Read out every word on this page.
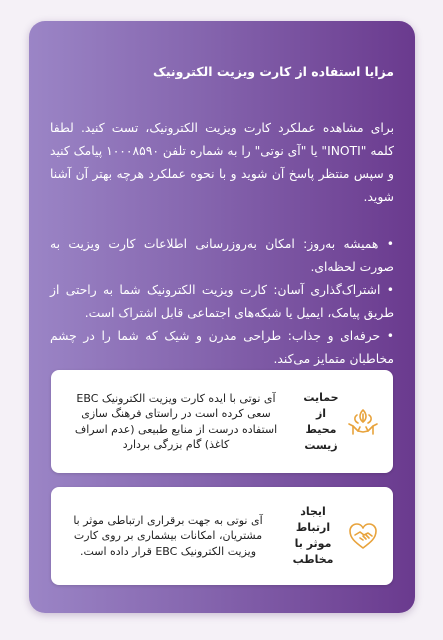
مزایا استفاده از کارت ویزیت الکترونیک

برای مشاهده عملکرد کارت ویزیت الکترونیک، تست کنید. لطفا کلمه "INOTI" یا "آی نوتی" را به شماره تلفن ۱۰۰۰۸۵۹۰ پیامک کنید و سپس منتظر پاسخ آن شوید و با نحوه عملکرد هرچه بهتر آن آشنا شوید.

• همیشه به‌روز: امکان به‌روزرسانی اطلاعات کارت ویزیت به صورت لحظه‌ای.
• اشتراک‌گذاری آسان: کارت ویزیت الکترونیک شما به راحتی از طریق پیامک، ایمیل یا شبکه‌های اجتماعی قابل اشتراک است.
• حرفه‌ای و جذاب: طراحی مدرن و شیک که شما را در چشم مخاطبان متمایز می‌کند.
حمایت از محیط زیست
آی نوتی با ایده کارت ویزیت الکترونیک EBC سعی کرده است در راستای فرهنگ سازی استفاده درست از منابع طبیعی (عدم اسراف کاغذ) گام بزرگی بردارد
ایجاد ارتباط موثر با مخاطب
آی نوتی به جهت برقراری ارتباطی موثر با مشتریان، امکانات بیشماری بر روی کارت ویزیت الکترونیک EBC قرار داده است.
